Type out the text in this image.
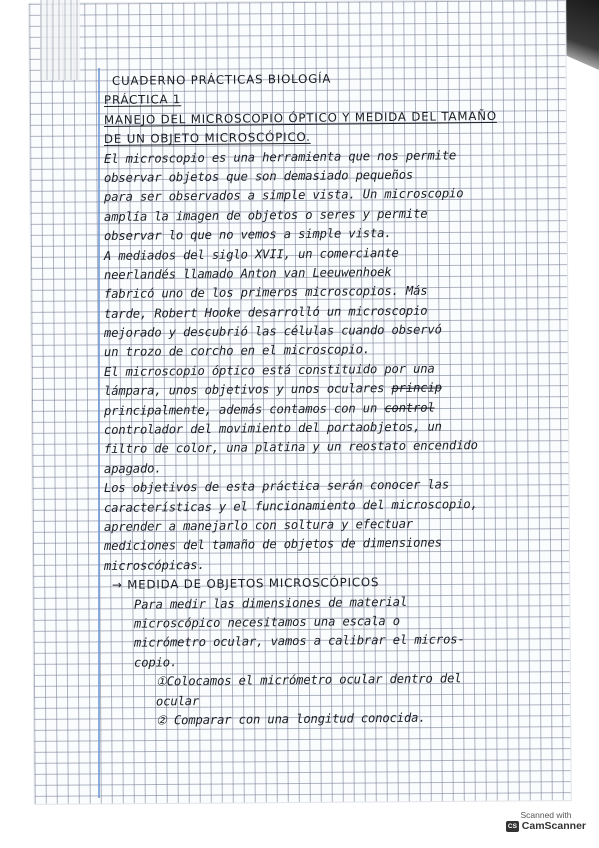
CUADERNO PRÁCTICAS BIOLOGÍA
PRÁCTICA 1
MANEJO DEL MICROSCOPIO ÓPTICO Y MEDIDA DEL TAMAÑO
DE UN OBJETO MICROSCÓPICO.
El microscopio es una herramienta que nos permite
observar objetos que son demasiado pequeños
para ser observados a simple vista. Un microscopio
amplía la imagen de objetos o seres y permite
observar lo que no vemos a simple vista.
A mediados del siglo XVII, un comerciante
neerlandés llamado Anton van Leeuwenhoek
fabricó uno de los primeros microscopios. Más
tarde, Robert Hooke desarrolló un microscopio
mejorado y descubrió las células cuando observó
un trozo de corcho en el microscopio.
El microscopio óptico está constituido por una
lámpara, unos objetivos y unos oculares princip
principalmente, además contamos con un control
controlador del movimiento del portaobjetos, un
filtro de color, una platina y un reostato encendido
apagado.
Los objetivos de esta práctica serán conocer las
características y el funcionamiento del microscopio,
aprender a manejarlo con soltura y efectuar
mediciones del tamaño de objetos de dimensiones
microscópicas.
→ MEDIDA DE OBJETOS MICROSCÓPICOS
Para medir las dimensiones de material
microscópico necesitamos una escala o
micrómetro ocular, vamos a calibrar el micros-
copio.
①Colocamos el micrómetro ocular dentro del
ocular
② Comparar con una longitud conocida.
Scanned with
CS CamScanner
